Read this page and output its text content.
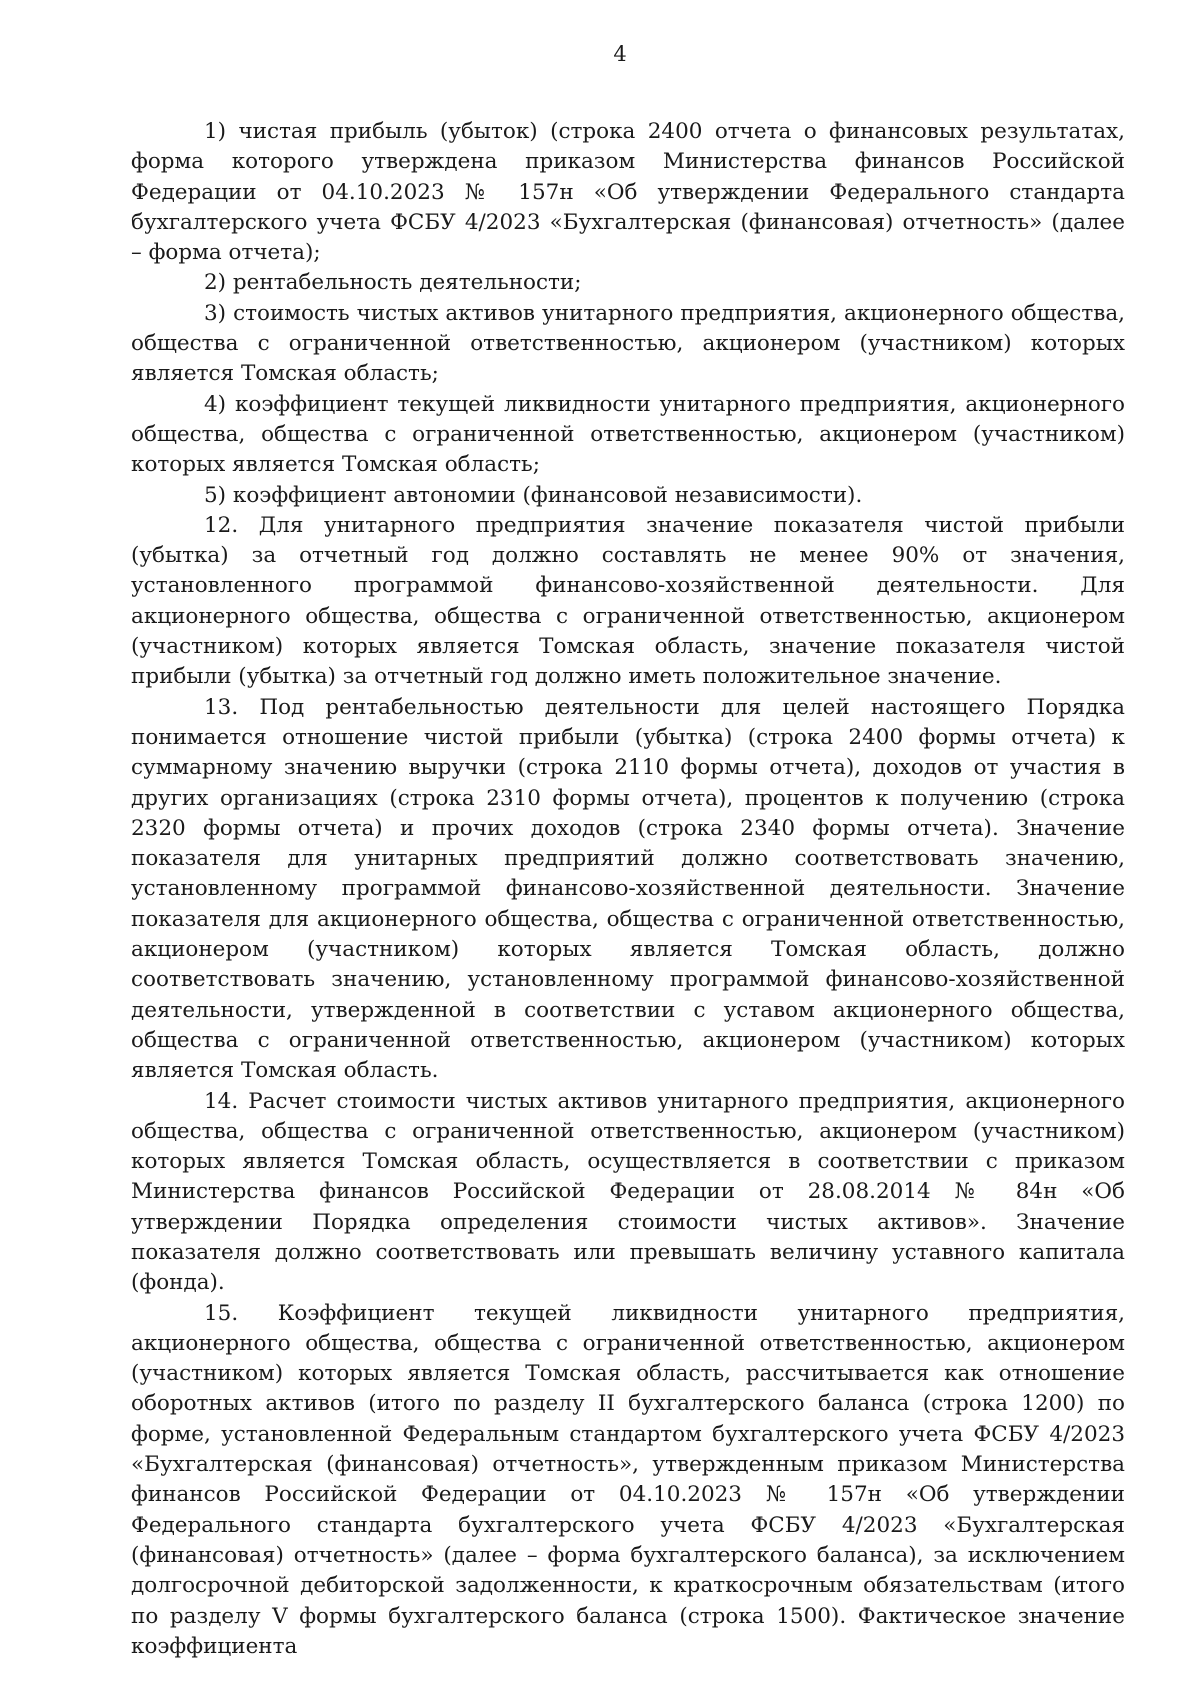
4

1) чистая прибыль (убыток) (строка 2400 отчета о финансовых результатах, форма которого утверждена приказом Министерства финансов Российской Федерации от 04.10.2023 № 157н «Об утверждении Федерального стандарта бухгалтерского учета ФСБУ 4/2023 «Бухгалтерская (финансовая) отчетность» (далее – форма отчета);

2) рентабельность деятельности;

3) стоимость чистых активов унитарного предприятия, акционерного общества, общества с ограниченной ответственностью, акционером (участником) которых является Томская область;

4) коэффициент текущей ликвидности унитарного предприятия, акционерного общества, общества с ограниченной ответственностью, акционером (участником) которых является Томская область;

5) коэффициент автономии (финансовой независимости).

12. Для унитарного предприятия значение показателя чистой прибыли (убытка) за отчетный год должно составлять не менее 90% от значения, установленного программой финансово-хозяйственной деятельности. Для акционерного общества, общества с ограниченной ответственностью, акционером (участником) которых является Томская область, значение показателя чистой прибыли (убытка) за отчетный год должно иметь положительное значение.

13. Под рентабельностью деятельности для целей настоящего Порядка понимается отношение чистой прибыли (убытка) (строка 2400 формы отчета) к суммарному значению выручки (строка 2110 формы отчета), доходов от участия в других организациях (строка 2310 формы отчета), процентов к получению (строка 2320 формы отчета) и прочих доходов (строка 2340 формы отчета). Значение показателя для унитарных предприятий должно соответствовать значению, установленному программой финансово-хозяйственной деятельности. Значение показателя для акционерного общества, общества с ограниченной ответственностью, акционером (участником) которых является Томская область, должно соответствовать значению, установленному программой финансово-хозяйственной деятельности, утвержденной в соответствии с уставом акционерного общества, общества с ограниченной ответственностью, акционером (участником) которых является Томская область.

14. Расчет стоимости чистых активов унитарного предприятия, акционерного общества, общества с ограниченной ответственностью, акционером (участником) которых является Томская область, осуществляется в соответствии с приказом Министерства финансов Российской Федерации от 28.08.2014 № 84н «Об утверждении Порядка определения стоимости чистых активов». Значение показателя должно соответствовать или превышать величину уставного капитала (фонда).

15. Коэффициент текущей ликвидности унитарного предприятия, акционерного общества, общества с ограниченной ответственностью, акционером (участником) которых является Томская область, рассчитывается как отношение оборотных активов (итого по разделу II бухгалтерского баланса (строка 1200) по форме, установленной Федеральным стандартом бухгалтерского учета ФСБУ 4/2023 «Бухгалтерская (финансовая) отчетность», утвержденным приказом Министерства финансов Российской Федерации от 04.10.2023 № 157н «Об утверждении Федерального стандарта бухгалтерского учета ФСБУ 4/2023 «Бухгалтерская (финансовая) отчетность» (далее – форма бухгалтерского баланса), за исключением долгосрочной дебиторской задолженности, к краткосрочным обязательствам (итого по разделу V формы бухгалтерского баланса (строка 1500). Фактическое значение коэффициента
